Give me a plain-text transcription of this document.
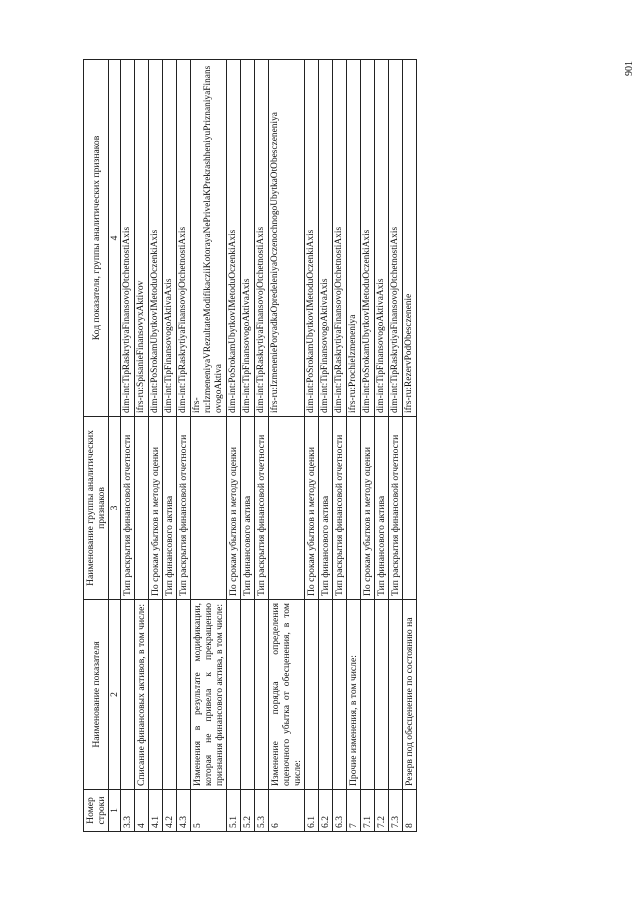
Номер строки	Наименование показателя	Наименование группы аналитических признаков	Код показателя, группы аналитических признаков
1	2	3	4
3.3		Тип раскрытия финансовой отчетности	dim-int:TipRaskrytiyaFinansovojOtchetnostiAxis
4	Списание финансовых активов, в том числе:		ifrs-ru:SpisanieFinansovyxAktivov
4.1		По срокам убытков и методу оценки	dim-int:PoSrokamUbytkovIMetoduOczenkiAxis
4.2		Тип финансового актива	dim-int:TipFinansovogoAktivaAxis
4.3		Тип раскрытия финансовой отчетности	dim-int:TipRaskrytiyaFinansovojOtchetnostiAxis
5	Изменения в результате модификации, которая не привела к прекращению признания финансового актива, в том числе:		ifrs-ru:IzmeneniyaVRezultateModifikacziiKotorayaNePrivelaKPrekrashheniyuPriznaniyaFinansovogoAktiva
5.1		По срокам убытков и методу оценки	dim-int:PoSrokamUbytkovIMetoduOczenkiAxis
5.2		Тип финансового актива	dim-int:TipFinansovogoAktivaAxis
5.3		Тип раскрытия финансовой отчетности	dim-int:TipRaskrytiyaFinansovojOtchetnostiAxis
6	Изменение порядка определения оценочного убытка от обесценения, в том числе:		ifrs-ru:IzmeneniePoryadkaOpredeleniyaOczenochnogoUbytkaOtObesczeneniya
6.1		По срокам убытков и методу оценки	dim-int:PoSrokamUbytkovIMetoduOczenkiAxis
6.2		Тип финансового актива	dim-int:TipFinansovogoAktivaAxis
6.3		Тип раскрытия финансовой отчетности	dim-int:TipRaskrytiyaFinansovojOtchetnostiAxis
7	Прочие изменения, в том числе:		ifrs-ru:ProchieIzmeneniya
7.1		По срокам убытков и методу оценки	dim-int:PoSrokamUbytkovIMetoduOczenkiAxis
7.2		Тип финансового актива	dim-int:TipFinansovogoAktivaAxis
7.3		Тип раскрытия финансовой отчетности	dim-int:TipRaskrytiyaFinansovojOtchetnostiAxis
8	Резерв под обесценение по состоянию на		ifrs-ru:RezervPodObesczenenie
901
